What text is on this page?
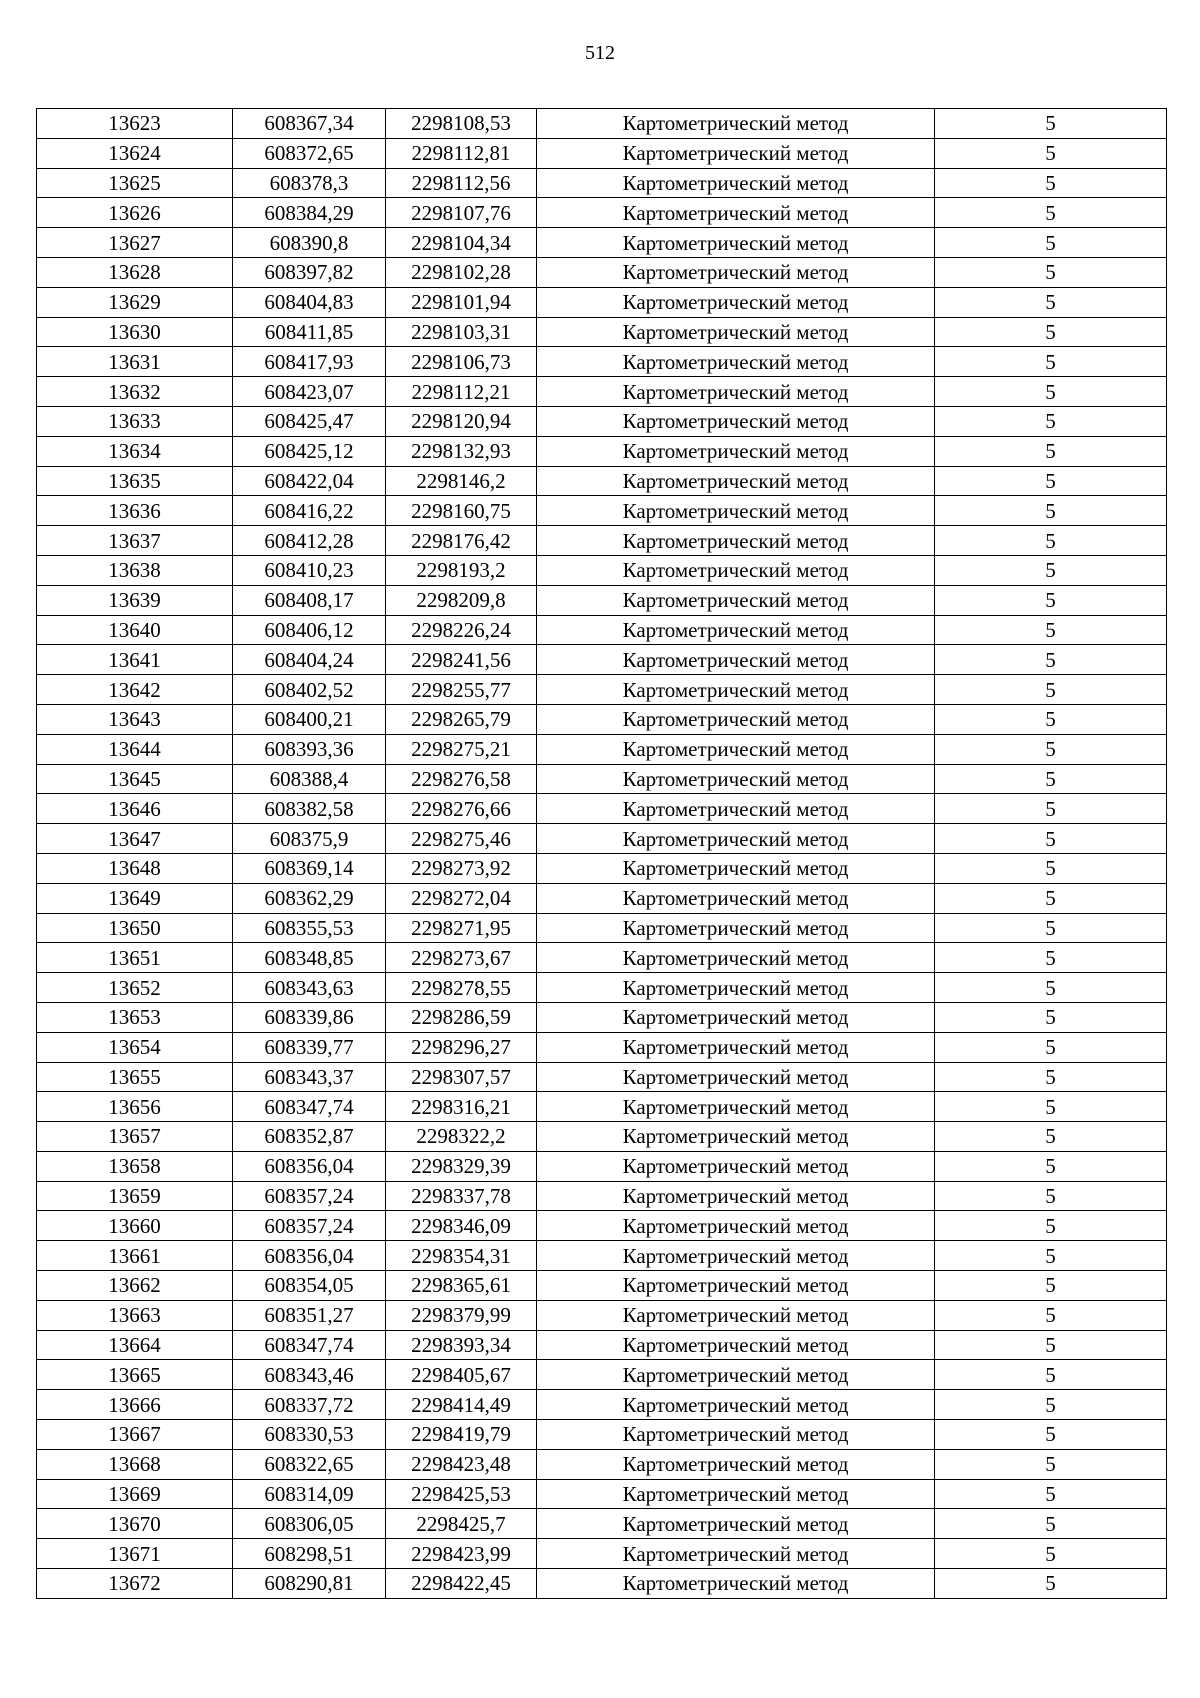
512
13623	608367,34	2298108,53	Картометрический метод	5
13624	608372,65	2298112,81	Картометрический метод	5
13625	608378,3	2298112,56	Картометрический метод	5
13626	608384,29	2298107,76	Картометрический метод	5
13627	608390,8	2298104,34	Картометрический метод	5
13628	608397,82	2298102,28	Картометрический метод	5
13629	608404,83	2298101,94	Картометрический метод	5
13630	608411,85	2298103,31	Картометрический метод	5
13631	608417,93	2298106,73	Картометрический метод	5
13632	608423,07	2298112,21	Картометрический метод	5
13633	608425,47	2298120,94	Картометрический метод	5
13634	608425,12	2298132,93	Картометрический метод	5
13635	608422,04	2298146,2	Картометрический метод	5
13636	608416,22	2298160,75	Картометрический метод	5
13637	608412,28	2298176,42	Картометрический метод	5
13638	608410,23	2298193,2	Картометрический метод	5
13639	608408,17	2298209,8	Картометрический метод	5
13640	608406,12	2298226,24	Картометрический метод	5
13641	608404,24	2298241,56	Картометрический метод	5
13642	608402,52	2298255,77	Картометрический метод	5
13643	608400,21	2298265,79	Картометрический метод	5
13644	608393,36	2298275,21	Картометрический метод	5
13645	608388,4	2298276,58	Картометрический метод	5
13646	608382,58	2298276,66	Картометрический метод	5
13647	608375,9	2298275,46	Картометрический метод	5
13648	608369,14	2298273,92	Картометрический метод	5
13649	608362,29	2298272,04	Картометрический метод	5
13650	608355,53	2298271,95	Картометрический метод	5
13651	608348,85	2298273,67	Картометрический метод	5
13652	608343,63	2298278,55	Картометрический метод	5
13653	608339,86	2298286,59	Картометрический метод	5
13654	608339,77	2298296,27	Картометрический метод	5
13655	608343,37	2298307,57	Картометрический метод	5
13656	608347,74	2298316,21	Картометрический метод	5
13657	608352,87	2298322,2	Картометрический метод	5
13658	608356,04	2298329,39	Картометрический метод	5
13659	608357,24	2298337,78	Картометрический метод	5
13660	608357,24	2298346,09	Картометрический метод	5
13661	608356,04	2298354,31	Картометрический метод	5
13662	608354,05	2298365,61	Картометрический метод	5
13663	608351,27	2298379,99	Картометрический метод	5
13664	608347,74	2298393,34	Картометрический метод	5
13665	608343,46	2298405,67	Картометрический метод	5
13666	608337,72	2298414,49	Картометрический метод	5
13667	608330,53	2298419,79	Картометрический метод	5
13668	608322,65	2298423,48	Картометрический метод	5
13669	608314,09	2298425,53	Картометрический метод	5
13670	608306,05	2298425,7	Картометрический метод	5
13671	608298,51	2298423,99	Картометрический метод	5
13672	608290,81	2298422,45	Картометрический метод	5
